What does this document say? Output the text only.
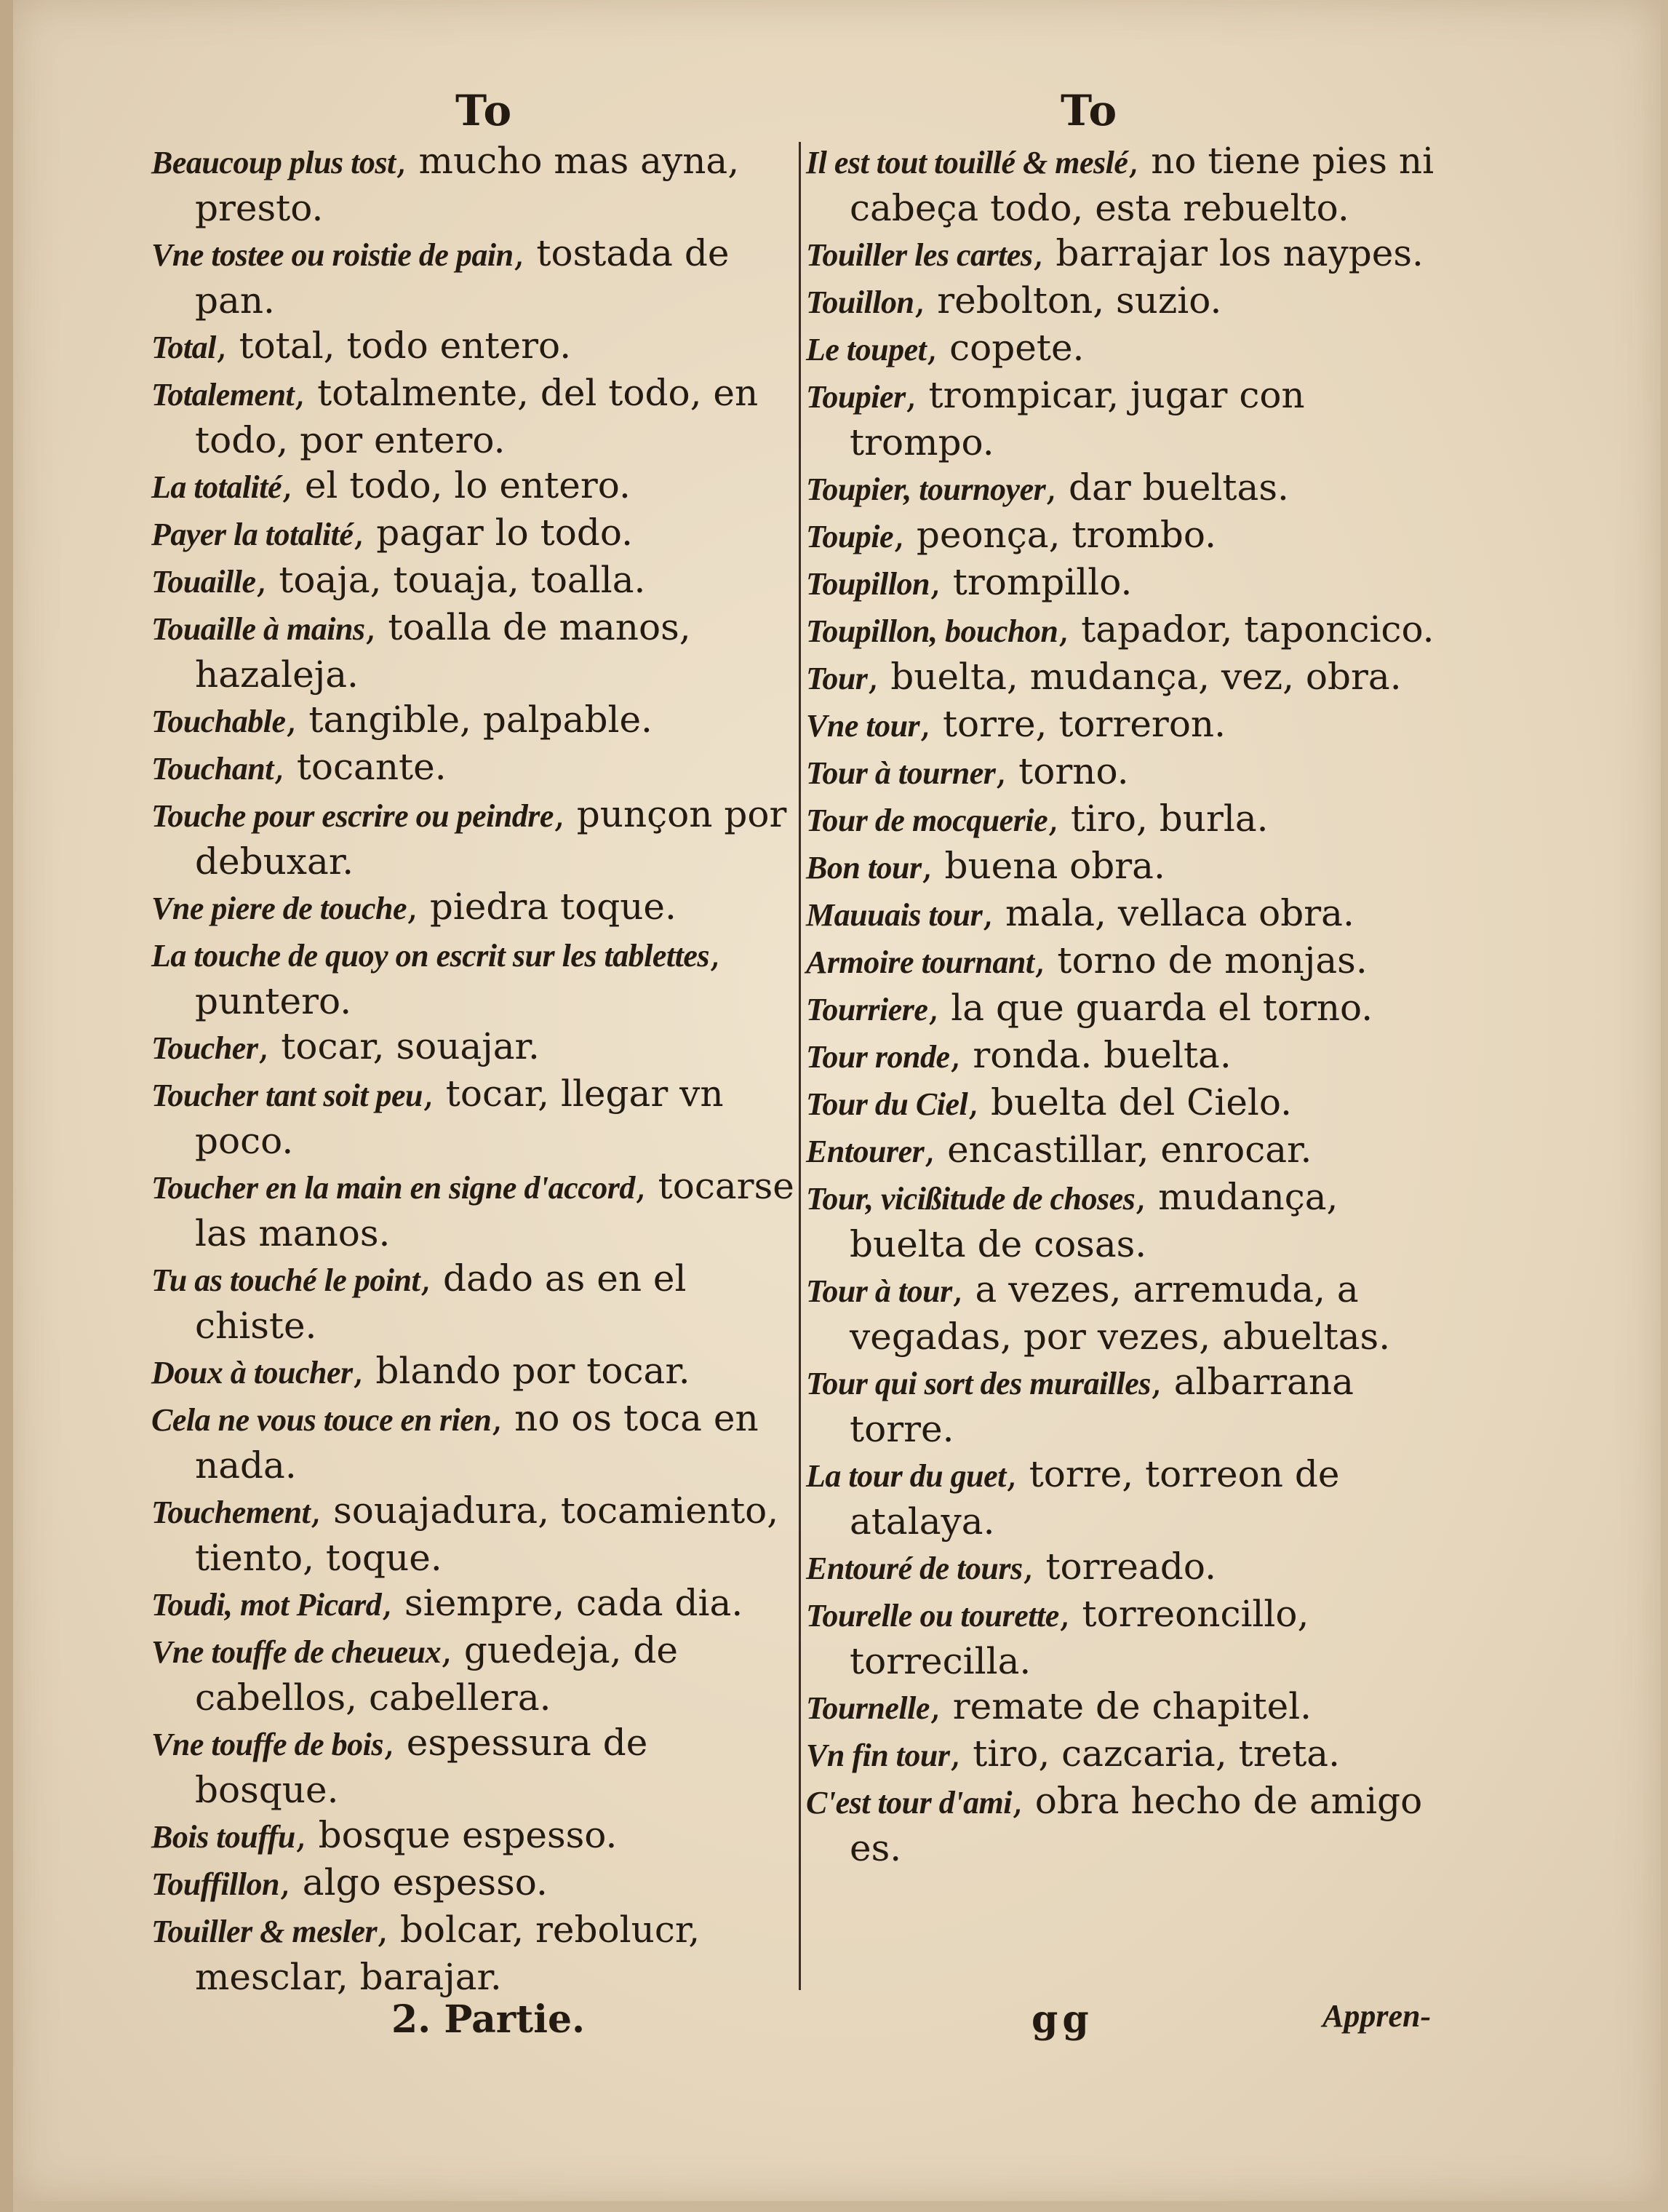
To	To

Beaucoup plus tost, mucho mas ayna, presto.

Vne tostee ou roistie de pain, tostada de pan.

Total, total, todo entero.

Totalement, totalmente, del todo, en todo, por entero.

La totalité, el todo, lo entero.

Payer la totalité, pagar lo todo.

Touaille, toaja, touaja, toalla.

Touaille à mains, toalla de manos, hazaleja.

Touchable, tangible, palpable.

Touchant, tocante.

Touche pour escrire ou peindre, punçon por debuxar.

Vne piere de touche, piedra toque.

La touche de quoy on escrit sur les tablettes, puntero.

Toucher, tocar, souajar.

Toucher tant soit peu, tocar, llegar vn poco.

Toucher en la main en signe d'accord, tocarse las manos.

Tu as touché le point, dado as en el chiste.

Doux à toucher, blando por tocar.

Cela ne vous touce en rien, no os toca en nada.

Touchement, souajadura, tocamiento, tiento, toque.

Toudi, mot Picard, siempre, cada dia.

Vne touffe de cheueux, guedeja, de cabellos, cabellera.

Vne touffe de bois, espessura de bosque.

Bois touffu, bosque espesso.

Touffillon, algo espesso.

Touiller & mesler, bolcar, rebolucr, mesclar, barajar.

Il est tout touillé & meslé, no tiene pies ni cabeça todo, esta rebuelto.

Touiller les cartes, barrajar los naypes.

Touillon, rebolton, suzio.

Le toupet, copete.

Toupier, trompicar, jugar con trompo.

Toupier, tournoyer, dar bueltas.

Toupie, peonça, trombo.

Toupillon, trompillo.

Toupillon, bouchon, tapador, taponcico.

Tour, buelta, mudança, vez, obra.

Vne tour, torre, torreron.

Tour à tourner, torno.

Tour de mocquerie, tiro, burla.

Bon tour, buena obra.

Mauuais tour, mala, vellaca obra.

Armoire tournant, torno de monjas.

Tourriere, la que guarda el torno.

Tour ronde, ronda. buelta.

Tour du Ciel, buelta del Cielo.

Entourer, encastillar, enrocar.

Tour, vicißitude de choses, mudança, buelta de cosas.

Tour à tour, a vezes, arremuda, a vegadas, por vezes, abueltas.

Tour qui sort des murailles, albarrana torre.

La tour du guet, torre, torreon de atalaya.

Entouré de tours, torreado.

Tourelle ou tourette, torreoncillo, torrecilla.

Tournelle, remate de chapitel.

Vn fin tour, tiro, cazcaria, treta.

C'est tour d'ami, obra hecho de amigo es.

2. Partie.	gg	Appren-
